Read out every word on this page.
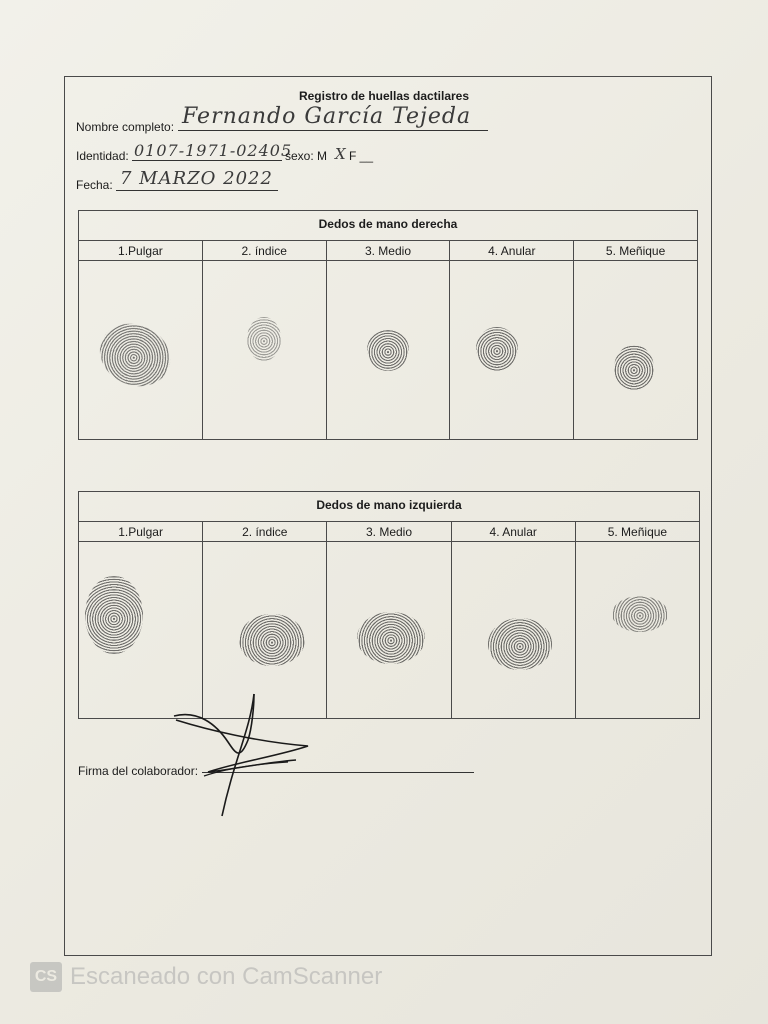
Registro de huellas dactilares
Nombre completo: Fernando García Tejeda
Identidad: 0107-1971-02405
sexo: M X F __
Fecha: 7 MARZO 2022
Dedos de mano derecha
1.Pulgar	2. índice	3. Medio	4. Anular	5. Meñique
Dedos de mano izquierda
1.Pulgar	2. índice	3. Medio	4. Anular	5. Meñique
Firma del colaborador:
CS Escaneado con CamScanner
